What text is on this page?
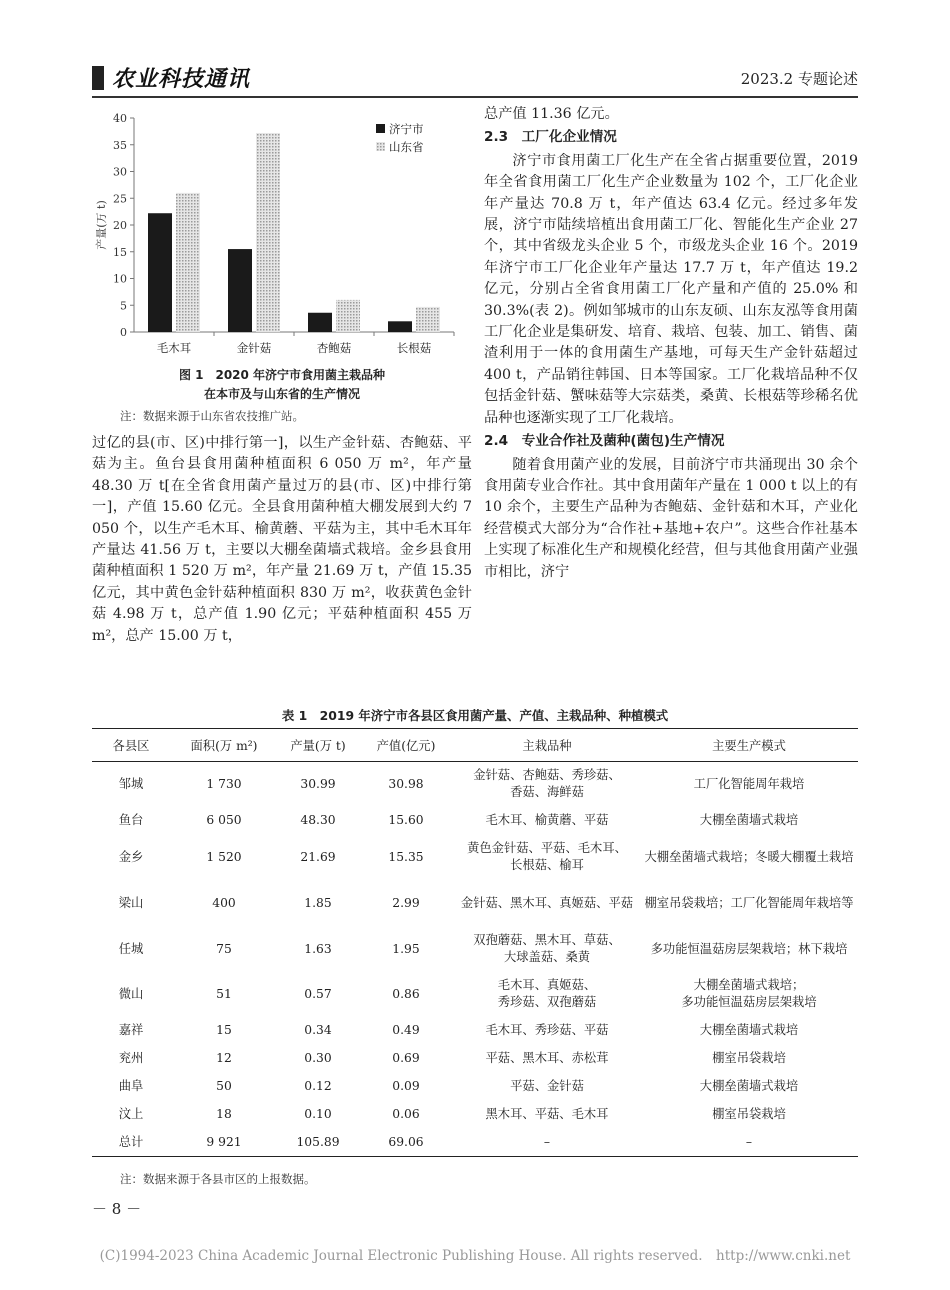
农业科技通讯	2023.2 专题论述
0
5
10
15
20
25
30
35
40
产量(万 t)
毛木耳	金针菇	杏鲍菇	长根菇
济宁市
山东省
图 1　2020 年济宁市食用菌主栽品种
在本市及与山东省的生产情况
注：数据来源于山东省农技推广站。

过亿的县(市、区)中排行第一]，以生产金针菇、杏鲍菇、平菇为主。鱼台县食用菌种植面积 6 050 万 m²，年产量 48.30 万 t[在全省食用菌产量过万的县(市、区)中排行第一]，产值 15.60 亿元。全县食用菌种植大棚发展到大约 7 050 个，以生产毛木耳、榆黄蘑、平菇为主，其中毛木耳年产量达 41.56 万 t，主要以大棚垒菌墙式栽培。金乡县食用菌种植面积 1 520 万 m²，年产量 21.69 万 t，产值 15.35 亿元，其中黄色金针菇种植面积 830 万 m²，收获黄色金针菇 4.98 万 t，总产值 1.90 亿元；平菇种植面积 455 万 m²，总产 15.00 万 t，

总产值 11.36 亿元。

2.3　工厂化企业情况

济宁市食用菌工厂化生产在全省占据重要位置，2019 年全省食用菌工厂化生产企业数量为 102 个，工厂化企业年产量达 70.8 万 t，年产值达 63.4 亿元。经过多年发展，济宁市陆续培植出食用菌工厂化、智能化生产企业 27 个，其中省级龙头企业 5 个，市级龙头企业 16 个。2019 年济宁市工厂化企业年产量达 17.7 万 t，年产值达 19.2 亿元，分别占全省食用菌工厂化产量和产值的 25.0% 和 30.3%(表 2)。例如邹城市的山东友硕、山东友泓等食用菌工厂化企业是集研发、培育、栽培、包装、加工、销售、菌渣利用于一体的食用菌生产基地，可每天生产金针菇超过 400 t，产品销往韩国、日本等国家。工厂化栽培品种不仅包括金针菇、蟹味菇等大宗菇类，桑黄、长根菇等珍稀名优品种也逐渐实现了工厂化栽培。

2.4　专业合作社及菌种(菌包)生产情况

随着食用菌产业的发展，目前济宁市共涌现出 30 余个食用菌专业合作社。其中食用菌年产量在 1 000 t 以上的有 10 余个，主要生产品种为杏鲍菇、金针菇和木耳，产业化经营模式大部分为“合作社+基地+农户”。这些合作社基本上实现了标准化生产和规模化经营，但与其他食用菌产业强市相比，济宁

表 1　2019 年济宁市各县区食用菌产量、产值、主栽品种、种植模式
各县区	面积(万 m²)	产量(万 t)	产值(亿元)	主栽品种	主要生产模式
邹城	1 730	30.99	30.98	金针菇、杏鲍菇、秀珍菇、
香菇、海鲜菇	工厂化智能周年栽培
鱼台	6 050	48.30	15.60	毛木耳、榆黄蘑、平菇	大棚垒菌墙式栽培
金乡	1 520	21.69	15.35	黄色金针菇、平菇、毛木耳、
长根菇、榆耳	大棚垒菌墙式栽培；冬暖大棚覆土栽培
梁山	400	1.85	2.99	金针菇、黑木耳、真姬菇、平菇	棚室吊袋栽培；工厂化智能周年栽培等
任城	75	1.63	1.95	双孢蘑菇、黑木耳、草菇、
大球盖菇、桑黄	多功能恒温菇房层架栽培；林下栽培
微山	51	0.57	0.86	毛木耳、真姬菇、
秀珍菇、双孢蘑菇	大棚垒菌墙式栽培；
多功能恒温菇房层架栽培
嘉祥	15	0.34	0.49	毛木耳、秀珍菇、平菇	大棚垒菌墙式栽培
兖州	12	0.30	0.69	平菇、黑木耳、赤松茸	棚室吊袋栽培
曲阜	50	0.12	0.09	平菇、金针菇	大棚垒菌墙式栽培
汶上	18	0.10	0.06	黑木耳、平菇、毛木耳	棚室吊袋栽培
总计	9 921	105.89	69.06	–	–
注：数据来源于各县市区的上报数据。
－ 8 －
(C)1994-2023 China Academic Journal Electronic Publishing House. All rights reserved.　http://www.cnki.net
